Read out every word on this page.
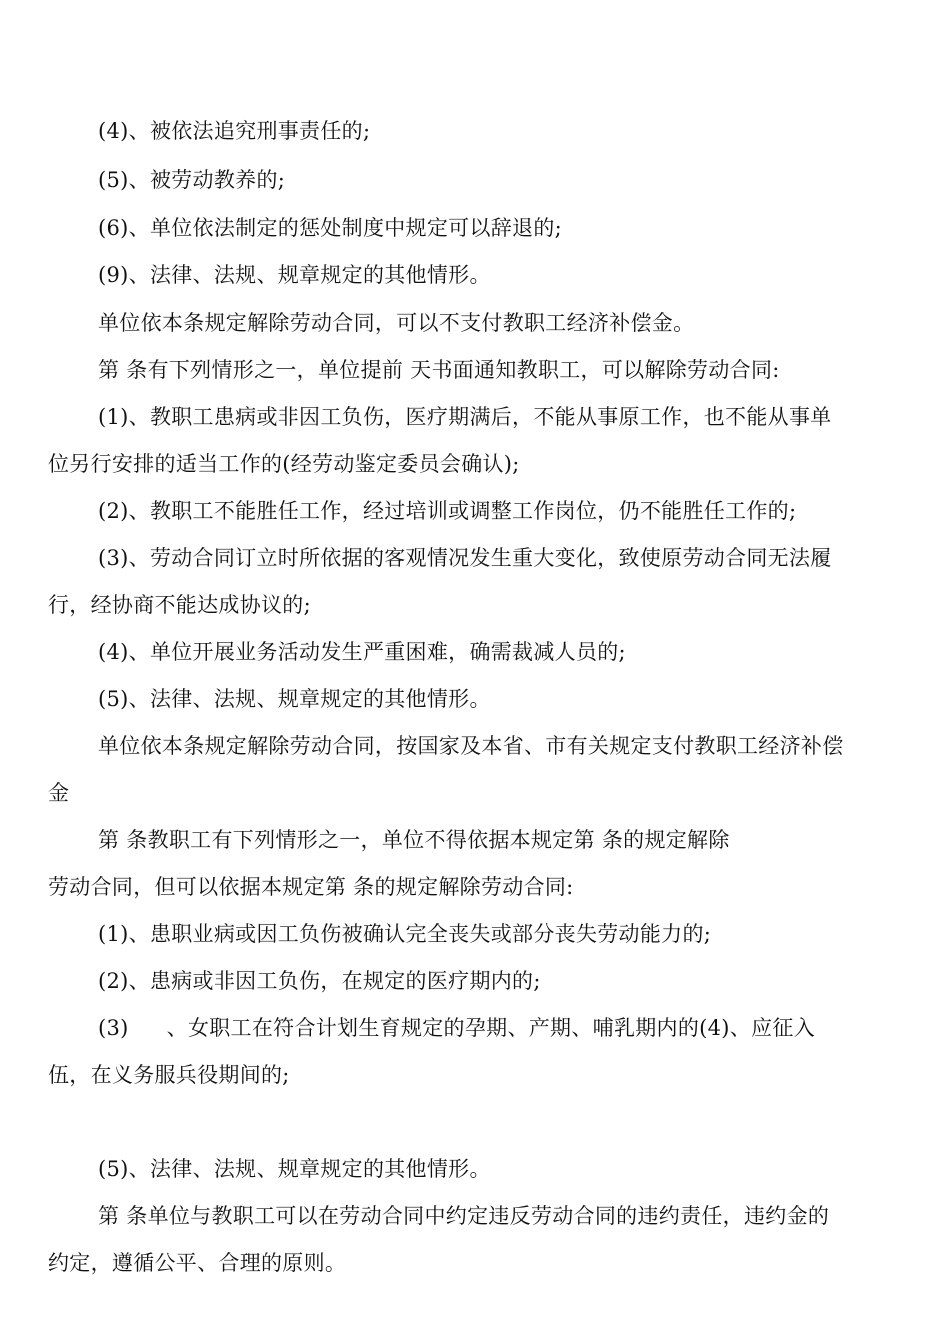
(4)、被依法追究刑事责任的;
(5)、被劳动教养的;
(6)、单位依法制定的惩处制度中规定可以辞退的;
(9)、法律、法规、规章规定的其他情形。
单位依本条规定解除劳动合同，可以不支付教职工经济补偿金。
第 条有下列情形之一，单位提前 天书面通知教职工，可以解除劳动合同:
(1)、教职工患病或非因工负伤，医疗期满后，不能从事原工作，也不能从事单
位另行安排的适当工作的(经劳动鉴定委员会确认);
(2)、教职工不能胜任工作，经过培训或调整工作岗位，仍不能胜任工作的;
(3)、劳动合同订立时所依据的客观情况发生重大变化，致使原劳动合同无法履
行，经协商不能达成协议的;
(4)、单位开展业务活动发生严重困难，确需裁减人员的;
(5)、法律、法规、规章规定的其他情形。
单位依本条规定解除劳动合同，按国家及本省、市有关规定支付教职工经济补偿
金
第 条教职工有下列情形之一，单位不得依据本规定第 条的规定解除
劳动合同，但可以依据本规定第 条的规定解除劳动合同:
(1)、患职业病或因工负伤被确认完全丧失或部分丧失劳动能力的;
(2)、患病或非因工负伤，在规定的医疗期内的;
(3) 、女职工在符合计划生育规定的孕期、产期、哺乳期内的(4)、应征入
伍，在义务服兵役期间的;
(5)、法律、法规、规章规定的其他情形。
第 条单位与教职工可以在劳动合同中约定违反劳动合同的违约责任，违约金的
约定，遵循公平、合理的原则。
